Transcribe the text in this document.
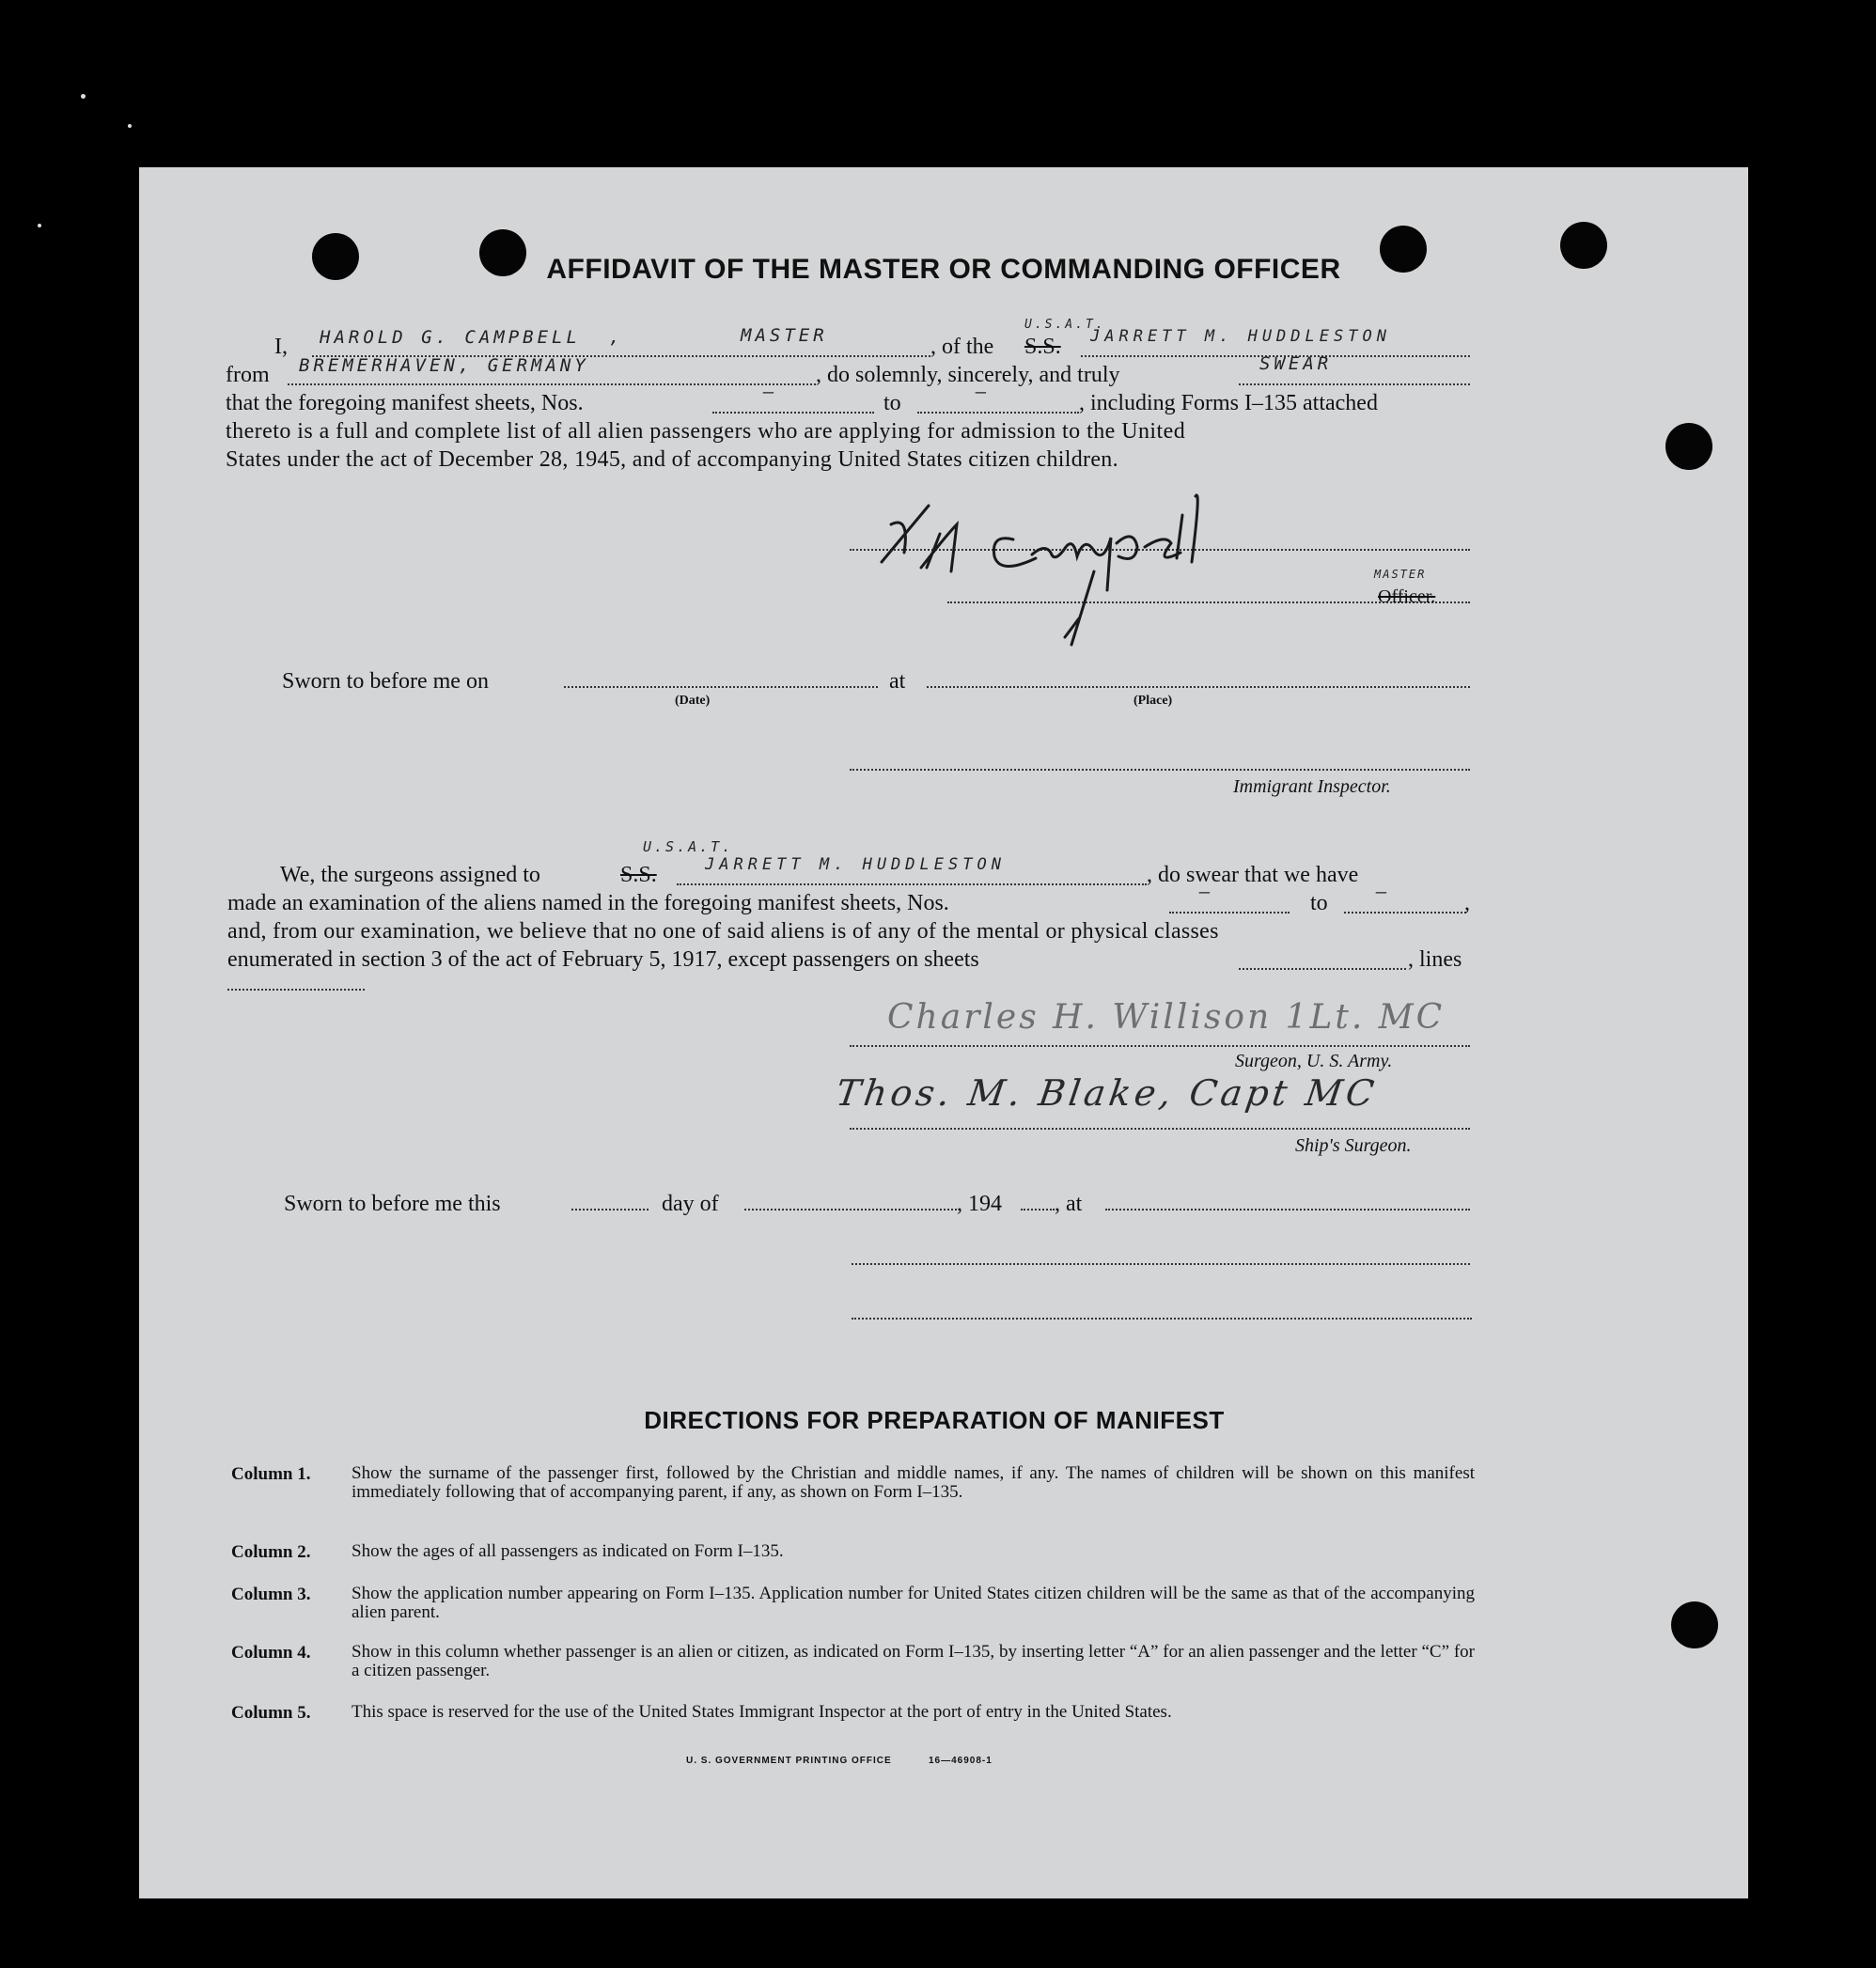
AFFIDAVIT OF THE MASTER OR COMMANDING OFFICER
I, HAROLD G. CAMPBELL ,	MASTER	, of the S.S.
U.S.A.T.
JARRETT M. HUDDLESTON
from BREMERHAVEN, GERMANY	, do solemnly, sincerely, and truly	SWEAR
that the foregoing manifest sheets, Nos.	—	to	—	, including Forms I–135 attached
thereto is a full and complete list of all alien passengers who are applying for admission to the United
States under the act of December 28, 1945, and of accompanying United States citizen children.
MASTER
Officer.
Sworn to before me on
(Date)
at
(Place)
Immigrant Inspector.
U.S.A.T.
We, the surgeons assigned to	S.S.	JARRETT M. HUDDLESTON	, do swear that we have
made an examination of the aliens named in the foregoing manifest sheets, Nos.	—	to	—	,
and, from our examination, we believe that no one of said aliens is of any of the mental or physical classes
enumerated in section 3 of the act of February 5, 1917, except passengers on sheets	, lines
Charles H. Willison 1Lt. MC
Surgeon, U. S. Army.
Thos. M. Blake, Capt MC
Ship's Surgeon.
Sworn to before me this	day of	, 194 , at
DIRECTIONS FOR PREPARATION OF MANIFEST
Column 1. Show the surname of the passenger first, followed by the Christian and middle names, if any. The names of children will be shown on this manifest immediately following that of accompanying parent, if any, as shown on Form I–135.
Column 2. Show the ages of all passengers as indicated on Form I–135.
Column 3. Show the application number appearing on Form I–135. Application number for United States citizen children will be the same as that of the accompanying alien parent.
Column 4. Show in this column whether passenger is an alien or citizen, as indicated on Form I–135, by inserting letter “A” for an alien passenger and the letter “C” for a citizen passenger.
Column 5. This space is reserved for the use of the United States Immigrant Inspector at the port of entry in the United States.
U. S. GOVERNMENT PRINTING OFFICE	16—46908-1
